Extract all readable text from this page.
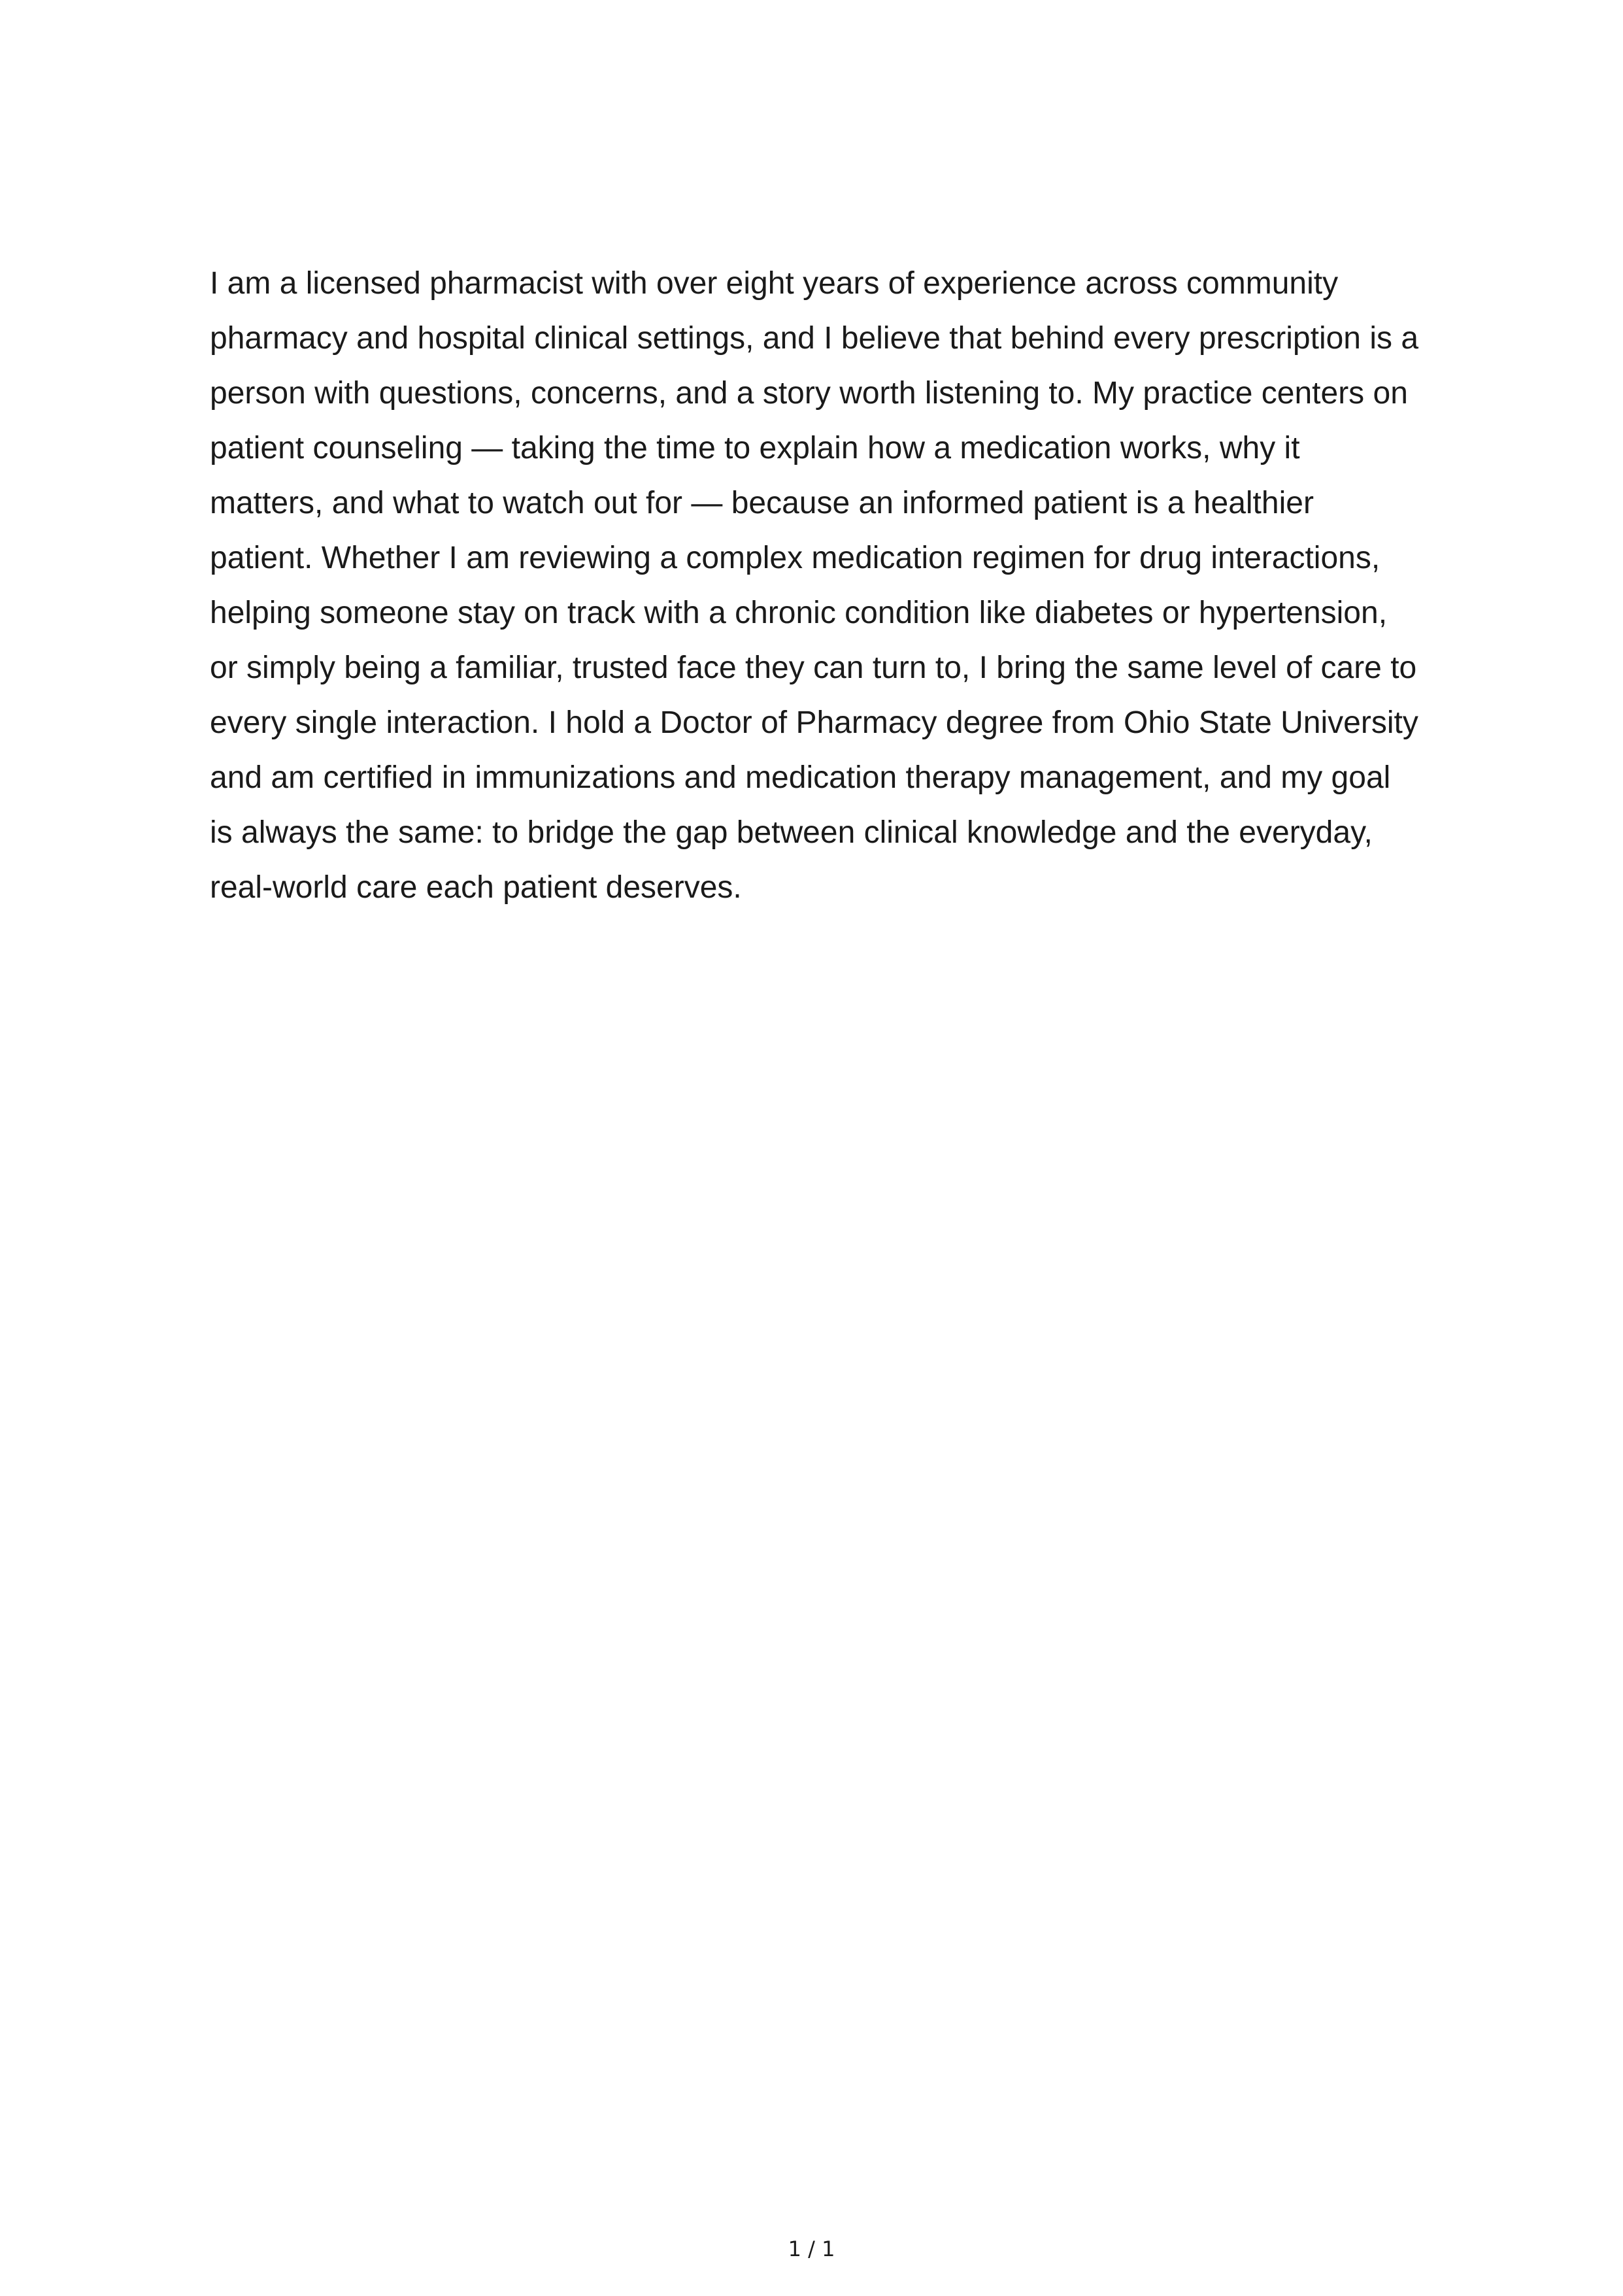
I am a licensed pharmacist with over eight years of experience across community
pharmacy and hospital clinical settings, and I believe that behind every prescription is a
person with questions, concerns, and a story worth listening to. My practice centers on
patient counseling — taking the time to explain how a medication works, why it
matters, and what to watch out for — because an informed patient is a healthier
patient. Whether I am reviewing a complex medication regimen for drug interactions,
helping someone stay on track with a chronic condition like diabetes or hypertension,
or simply being a familiar, trusted face they can turn to, I bring the same level of care to
every single interaction. I hold a Doctor of Pharmacy degree from Ohio State University
and am certified in immunizations and medication therapy management, and my goal
is always the same: to bridge the gap between clinical knowledge and the everyday,
real-world care each patient deserves.

1 / 1
